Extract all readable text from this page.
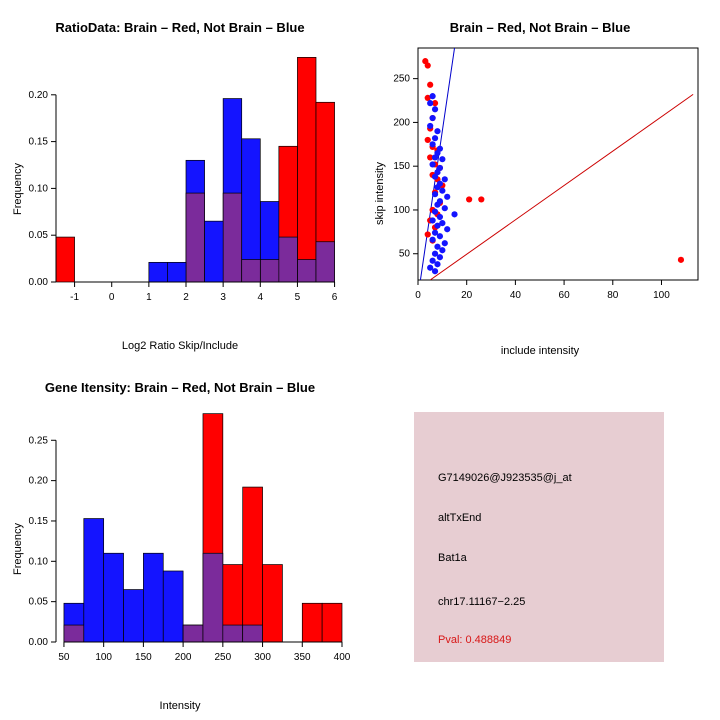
RatioData: Brain – Red, Not Brain – Blue
Frequency
Log2 Ratio Skip/Include
-1	0	1	2	3	4	5	6
0.00
0.05
0.10
0.15
0.20
Brain – Red, Not Brain – Blue
skip intensity
include intensity
0	20	40	60	80	100
50
100
150
200
250
Gene Itensity: Brain – Red, Not Brain – Blue
Frequency
Intensity
50	100 150 200 250 300 350 400
0.00
0.05
0.10
0.15
0.20
0.25
G7149026@J923535@j_at
altTxEnd
Bat1a
chr17.11167−2.25
Pval: 0.488849
